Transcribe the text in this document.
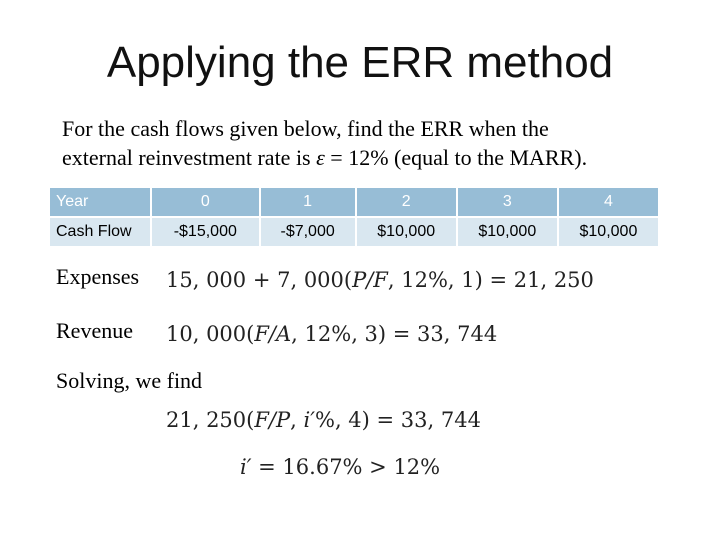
Applying the ERR method
For the cash flows given below, find the ERR when the
external reinvestment rate is ε = 12% (equal to the MARR).
Year	0	1	2	3	4
Cash Flow	-$15,000	-$7,000	$10,000	$10,000	$10,000
Expenses 15, 000 + 7, 000(P/F, 12%, 1) = 21, 250
Revenue 10, 000(F/A, 12%, 3) = 33, 744
Solving, we find
21, 250(F/P, i′%, 4) = 33, 744
i′ = 16.67% > 12%
